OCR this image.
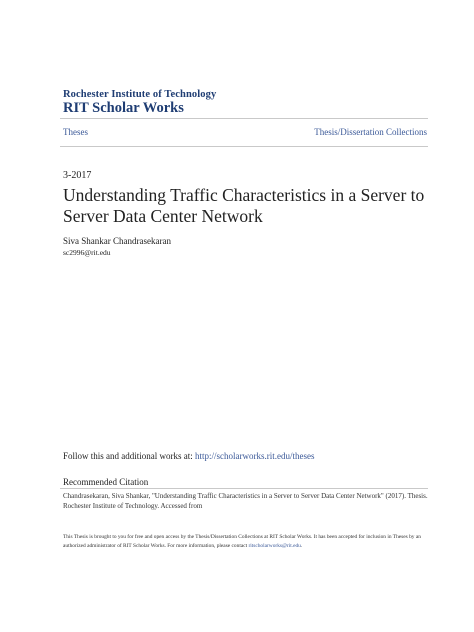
Rochester Institute of Technology
RIT Scholar Works
Theses	Thesis/Dissertation Collections
3-2017
Understanding Traffic Characteristics in a Server to Server Data Center Network
Siva Shankar Chandrasekaran
sc2996@rit.edu
Follow this and additional works at: http://scholarworks.rit.edu/theses
Recommended Citation
Chandrasekaran, Siva Shankar, "Understanding Traffic Characteristics in a Server to Server Data Center Network" (2017). Thesis. Rochester Institute of Technology. Accessed from
This Thesis is brought to you for free and open access by the Thesis/Dissertation Collections at RIT Scholar Works. It has been accepted for inclusion in Theses by an authorized administrator of RIT Scholar Works. For more information, please contact ritscholarworks@rit.edu.
